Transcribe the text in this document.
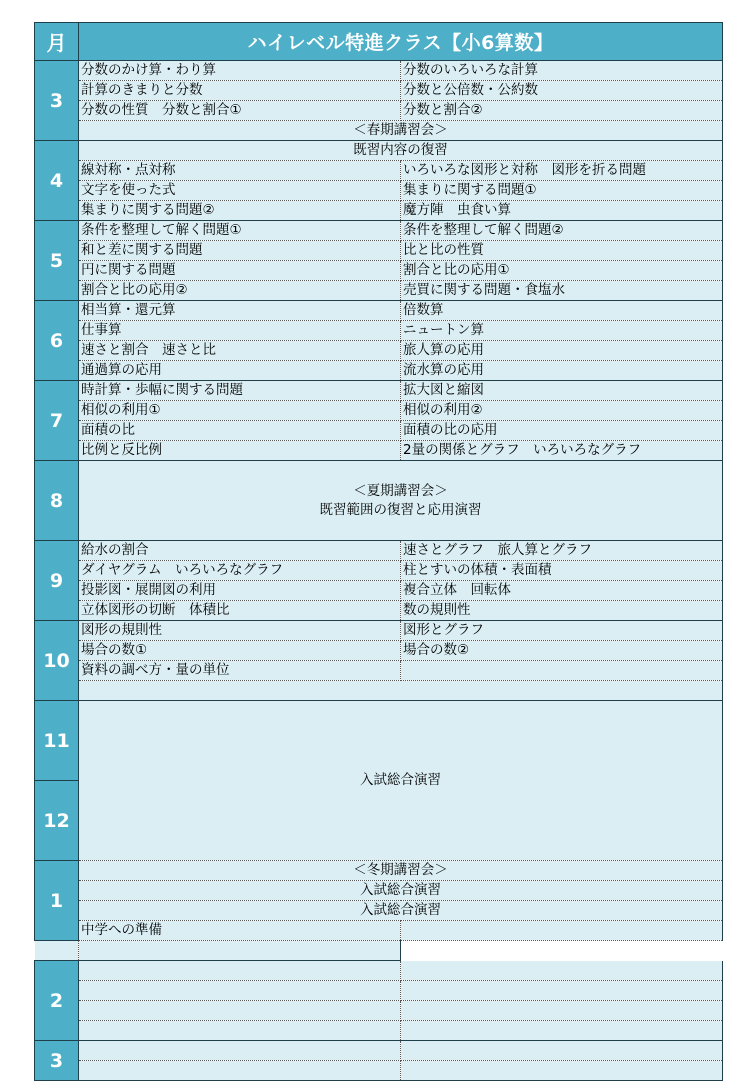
月	ハイレベル特進クラス【小6算数】	
3	分数のかけ算・わり算	分数のいろいろな計算
	計算のきまりと分数	分数と公倍数・公約数
	分数の性質　分数と割合①	分数と割合②
	＜春期講習会＞	
4	既習内容の復習	
	線対称・点対称	いろいろな図形と対称　図形を折る問題
	文字を使った式	集まりに関する問題①
	集まりに関する問題②	魔方陣　虫食い算
5	条件を整理して解く問題①	条件を整理して解く問題②
	和と差に関する問題	比と比の性質
	円に関する問題	割合と比の応用①
	割合と比の応用②	売買に関する問題・食塩水
6	相当算・還元算	倍数算
	仕事算	ニュートン算
	速さと割合　速さと比	旅人算の応用
	通過算の応用	流水算の応用
7	時計算・歩幅に関する問題	拡大図と縮図
	相似の利用①	相似の利用②
	面積の比	面積の比の応用
	比例と反比例	2量の関係とグラフ　いろいろなグラフ
8	＜夏期講習会＞
既習範囲の復習と応用演習	

9	給水の割合	速さとグラフ　旅人算とグラフ
	ダイヤグラム　いろいろなグラフ	柱とすいの体積・表面積
	投影図・展開図の利用	複合立体　回転体
	立体図形の切断　体積比	数の規則性
10	図形の規則性	図形とグラフ
	場合の数①	場合の数②
	資料の調べ方・量の単位	

11	入試総合演習	
12		
1	＜冬期講習会＞	
	入試総合演習	
	入試総合演習	
	中学への準備	

2		

3		
